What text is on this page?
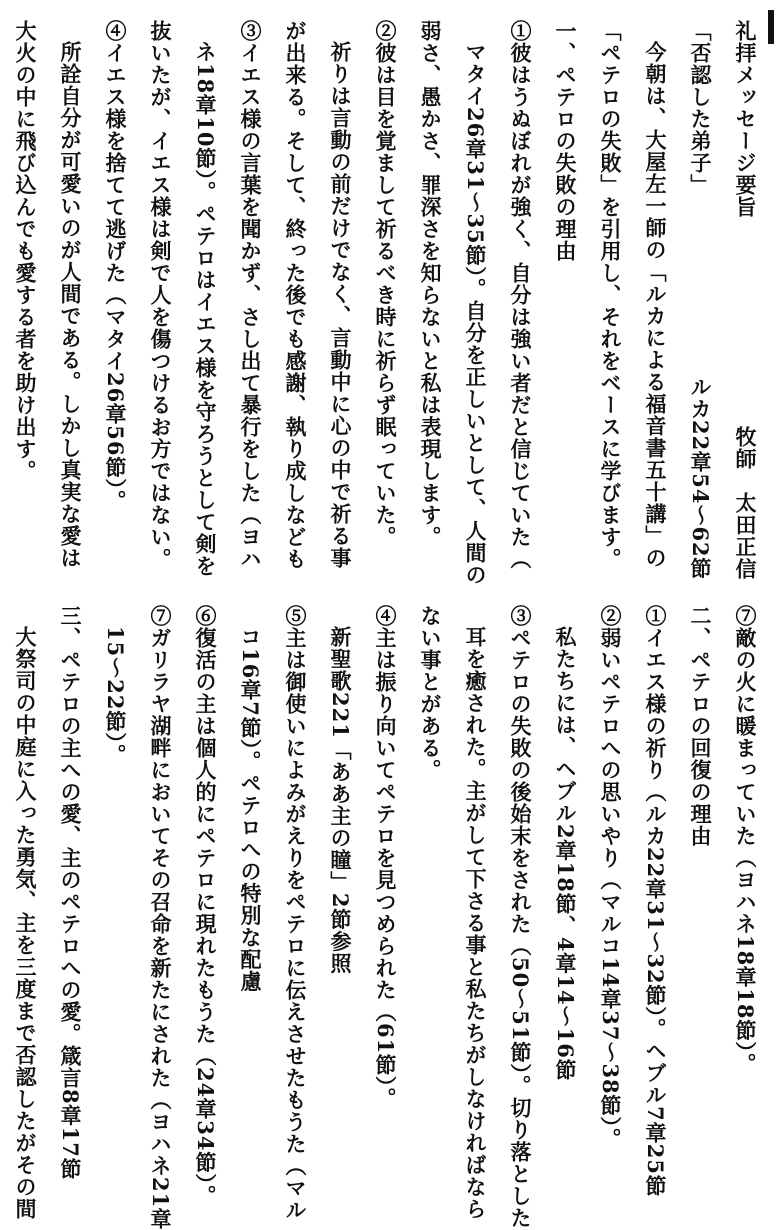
礼拝メッセージ要旨
牧師　太田正信
「否認した弟子」
ルカ22章54〜62節
今朝は、大屋左一師の「ルカによる福音書五十講」の
「ペテロの失敗」を引用し、それをベースに学びます。
一、ペテロの失敗の理由
①彼はうぬぼれが強く、自分は強い者だと信じていた（
マタイ26章31〜35節）。自分を正しいとして、人間の
弱さ、愚かさ、罪深さを知らないと私は表現します。
②彼は目を覚まして祈るべき時に祈らず眠っていた。
祈りは言動の前だけでなく、言動中に心の中で祈る事
が出来る。そして、終った後でも感謝、執り成しなども
③イエス様の言葉を聞かず、さし出て暴行をした（ヨハ
ネ18章10節）。ペテロはイエス様を守ろうとして剣を
抜いたが、イエス様は剣で人を傷つけるお方ではない。
④イエス様を捨てて逃げた（マタイ26章56節）。
所詮自分が可愛いのが人間である。しかし真実な愛は
大火の中に飛び込んでも愛する者を助け出す。
⑦敵の火に暖まっていた（ヨハネ18章18節）。
二、ペテロの回復の理由
①イエス様の祈り（ルカ22章31〜32節）。ヘブル7章25節
②弱いペテロへの思いやり（マルコ14章37〜38節）。
私たちには、ヘブル2章18節、4章14〜16節
③ペテロの失敗の後始末をされた（50〜51節）。切り落とした
耳を癒された。主がして下さる事と私たちがしなければなら
ない事とがある。
④主は振り向いてペテロを見つめられた（61節）。
新聖歌221「ああ主の瞳」2節参照
⑤主は御使いによみがえりをペテロに伝えさせたもうた（マル
コ16章7節）。ペテロへの特別な配慮
⑥復活の主は個人的にペテロに現れたもうた（24章34節）。
⑦ガリラヤ湖畔においてその召命を新たにされた（ヨハネ21章
15〜22節）。
三、ペテロの主への愛、主のペテロへの愛。箴言8章17節
大祭司の中庭に入った勇気、主を三度まで否認したがその間
